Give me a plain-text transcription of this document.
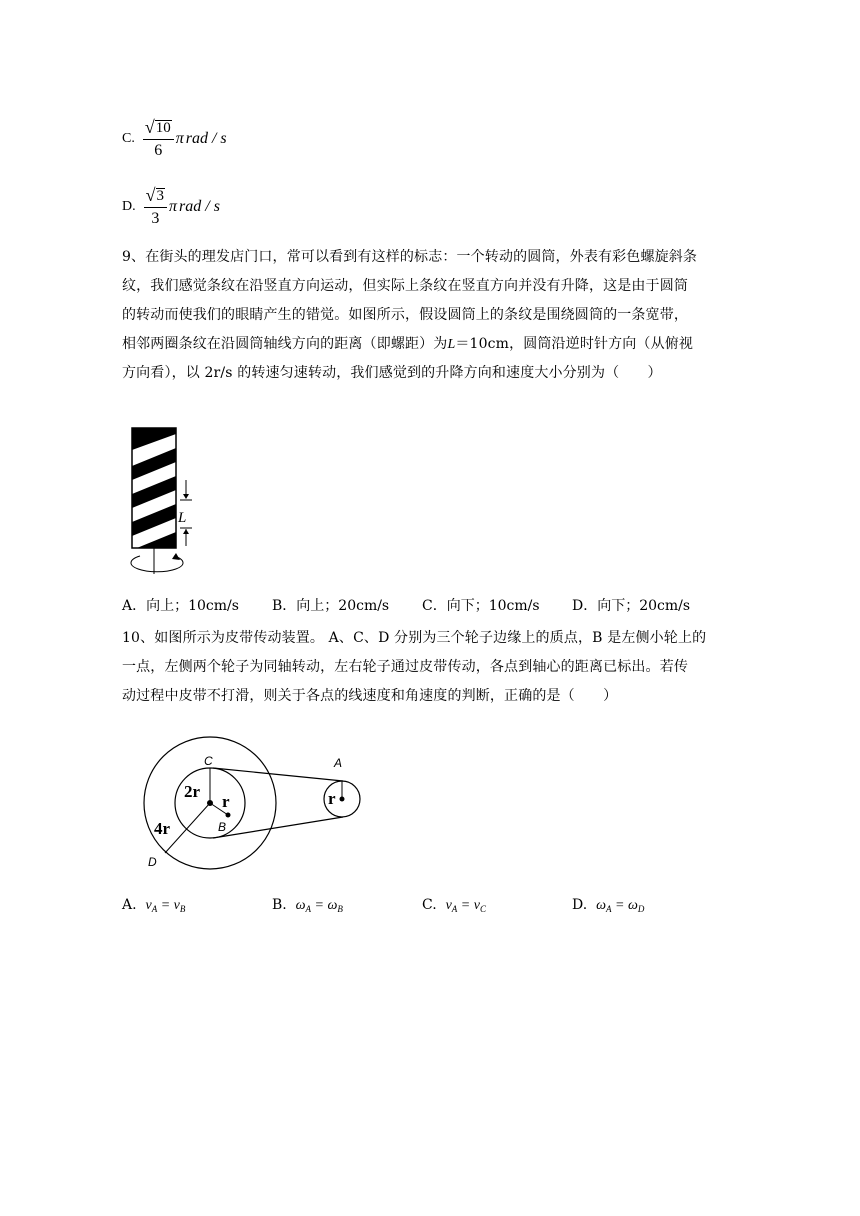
C. $\frac{√ 10}{6}$ π rad / s
D. $\frac{√ 3}{3}$ π rad / s
9、在街头的理发店门口，常可以看到有这样的标志：一个转动的圆筒，外表有彩色螺旋斜条
纹，我们感觉条纹在沿竖直方向运动，但实际上条纹在竖直方向并没有升降，这是由于圆筒
的转动而使我们的眼睛产生的错觉。如图所示，假设圆筒上的条纹是围绕圆筒的一条宽带，
相邻两圈条纹在沿圆筒轴线方向的距离（即螺距）为L＝10cm，圆筒沿逆时针方向（从俯视
方向看），以 2r/s 的转速匀速转动，我们感觉到的升降方向和速度大小分别为（　　）
L
A．向上；10cm/s	B．向上；20cm/s	C．向下；10cm/s	D．向下；20cm/s
10、如图所示为皮带传动装置。 A、C、D 分别为三个轮子边缘上的质点，B 是左侧小轮上的
一点，左侧两个轮子为同轴转动，左右轮子通过皮带传动，各点到轴心的距离已标出。若传
动过程中皮带不打滑，则关于各点的线速度和角速度的判断，正确的是（　　）
C	A
B
D
2r
r
4r
r
A. $v_A = v_B$	B. $\omega_A = \omega_B$	C. $v_A = v_C$	D. $\omega_A = \omega_D$
